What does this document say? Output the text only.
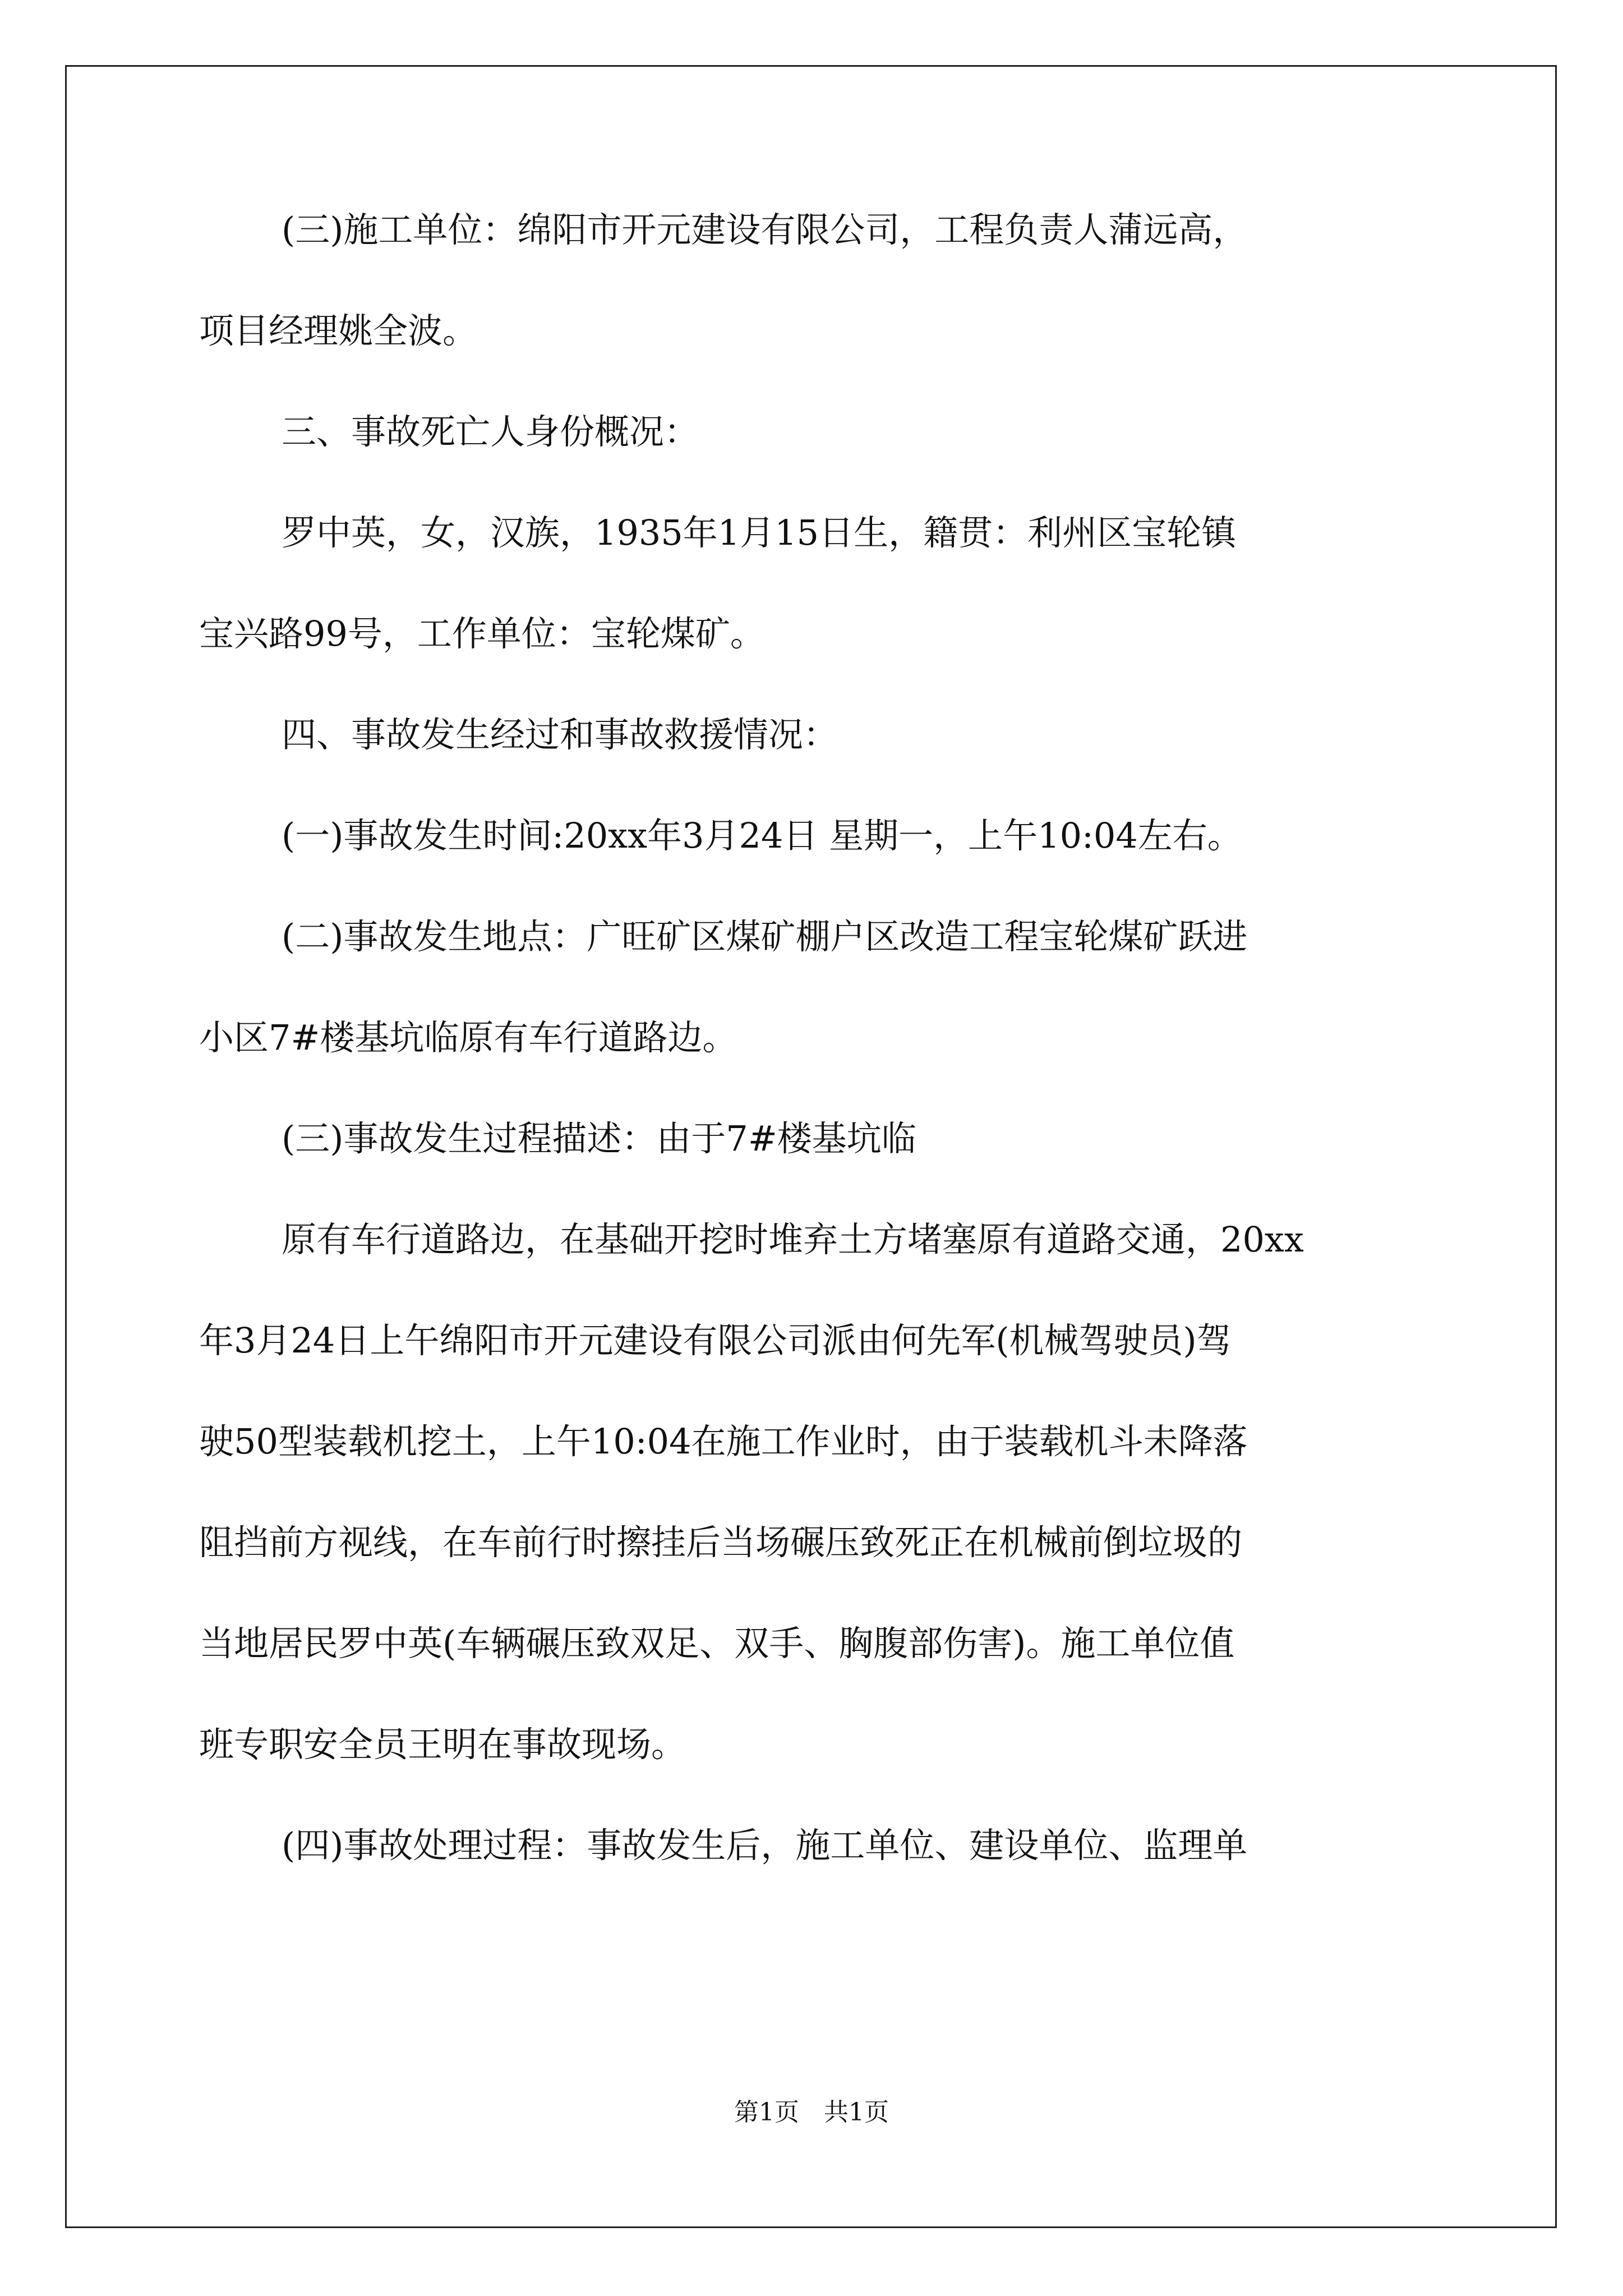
(三)施工单位：绵阳市开元建设有限公司，工程负责人蒲远高，
项目经理姚全波。
三、事故死亡人身份概况：
罗中英，女，汉族，1935年1月15日生，籍贯：利州区宝轮镇
宝兴路99号，工作单位：宝轮煤矿。
四、事故发生经过和事故救援情况：
(一)事故发生时间:20xx年3月24日 星期一，上午10:04左右。
(二)事故发生地点：广旺矿区煤矿棚户区改造工程宝轮煤矿跃进
小区7#楼基坑临原有车行道路边。
(三)事故发生过程描述：由于7#楼基坑临
原有车行道路边，在基础开挖时堆弃土方堵塞原有道路交通，20xx
年3月24日上午绵阳市开元建设有限公司派由何先军(机械驾驶员)驾
驶50型装载机挖土，上午10:04在施工作业时，由于装载机斗未降落
阻挡前方视线，在车前行时擦挂后当场碾压致死正在机械前倒垃圾的
当地居民罗中英(车辆碾压致双足、双手、胸腹部伤害)。施工单位值
班专职安全员王明在事故现场。
(四)事故处理过程：事故发生后，施工单位、建设单位、监理单
第1页　共1页
